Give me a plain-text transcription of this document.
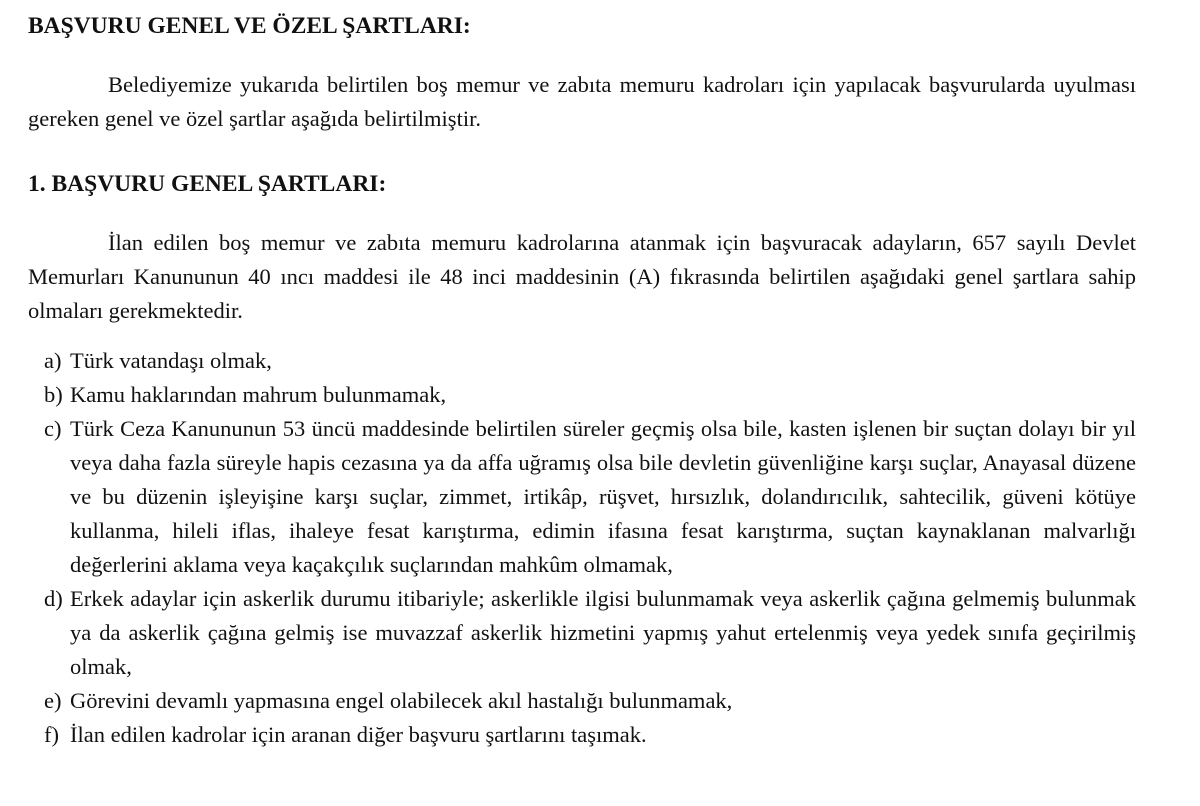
BAŞVURU GENEL VE ÖZEL ŞARTLARI:

Belediyemize yukarıda belirtilen boş memur ve zabıta memuru kadroları için yapılacak başvurularda uyulması gereken genel ve özel şartlar aşağıda belirtilmiştir.

1. BAŞVURU GENEL ŞARTLARI:

İlan edilen boş memur ve zabıta memuru kadrolarına atanmak için başvuracak adayların, 657 sayılı Devlet Memurları Kanununun 40 ıncı maddesi ile 48 inci maddesinin (A) fıkrasında belirtilen aşağıdaki genel şartlara sahip olmaları gerekmektedir.

a) Türk vatandaşı olmak,
b) Kamu haklarından mahrum bulunmamak,
c) Türk Ceza Kanununun 53 üncü maddesinde belirtilen süreler geçmiş olsa bile, kasten işlenen bir suçtan dolayı bir yıl veya daha fazla süreyle hapis cezasına ya da affa uğramış olsa bile devletin güvenliğine karşı suçlar, Anayasal düzene ve bu düzenin işleyişine karşı suçlar, zimmet, irtikâp, rüşvet, hırsızlık, dolandırıcılık, sahtecilik, güveni kötüye kullanma, hileli iflas, ihaleye fesat karıştırma, edimin ifasına fesat karıştırma, suçtan kaynaklanan malvarlığı değerlerini aklama veya kaçakçılık suçlarından mahkûm olmamak,
d) Erkek adaylar için askerlik durumu itibariyle; askerlikle ilgisi bulunmamak veya askerlik çağına gelmemiş bulunmak ya da askerlik çağına gelmiş ise muvazzaf askerlik hizmetini yapmış yahut ertelenmiş veya yedek sınıfa geçirilmiş olmak,
e) Görevini devamlı yapmasına engel olabilecek akıl hastalığı bulunmamak,
f) İlan edilen kadrolar için aranan diğer başvuru şartlarını taşımak.
